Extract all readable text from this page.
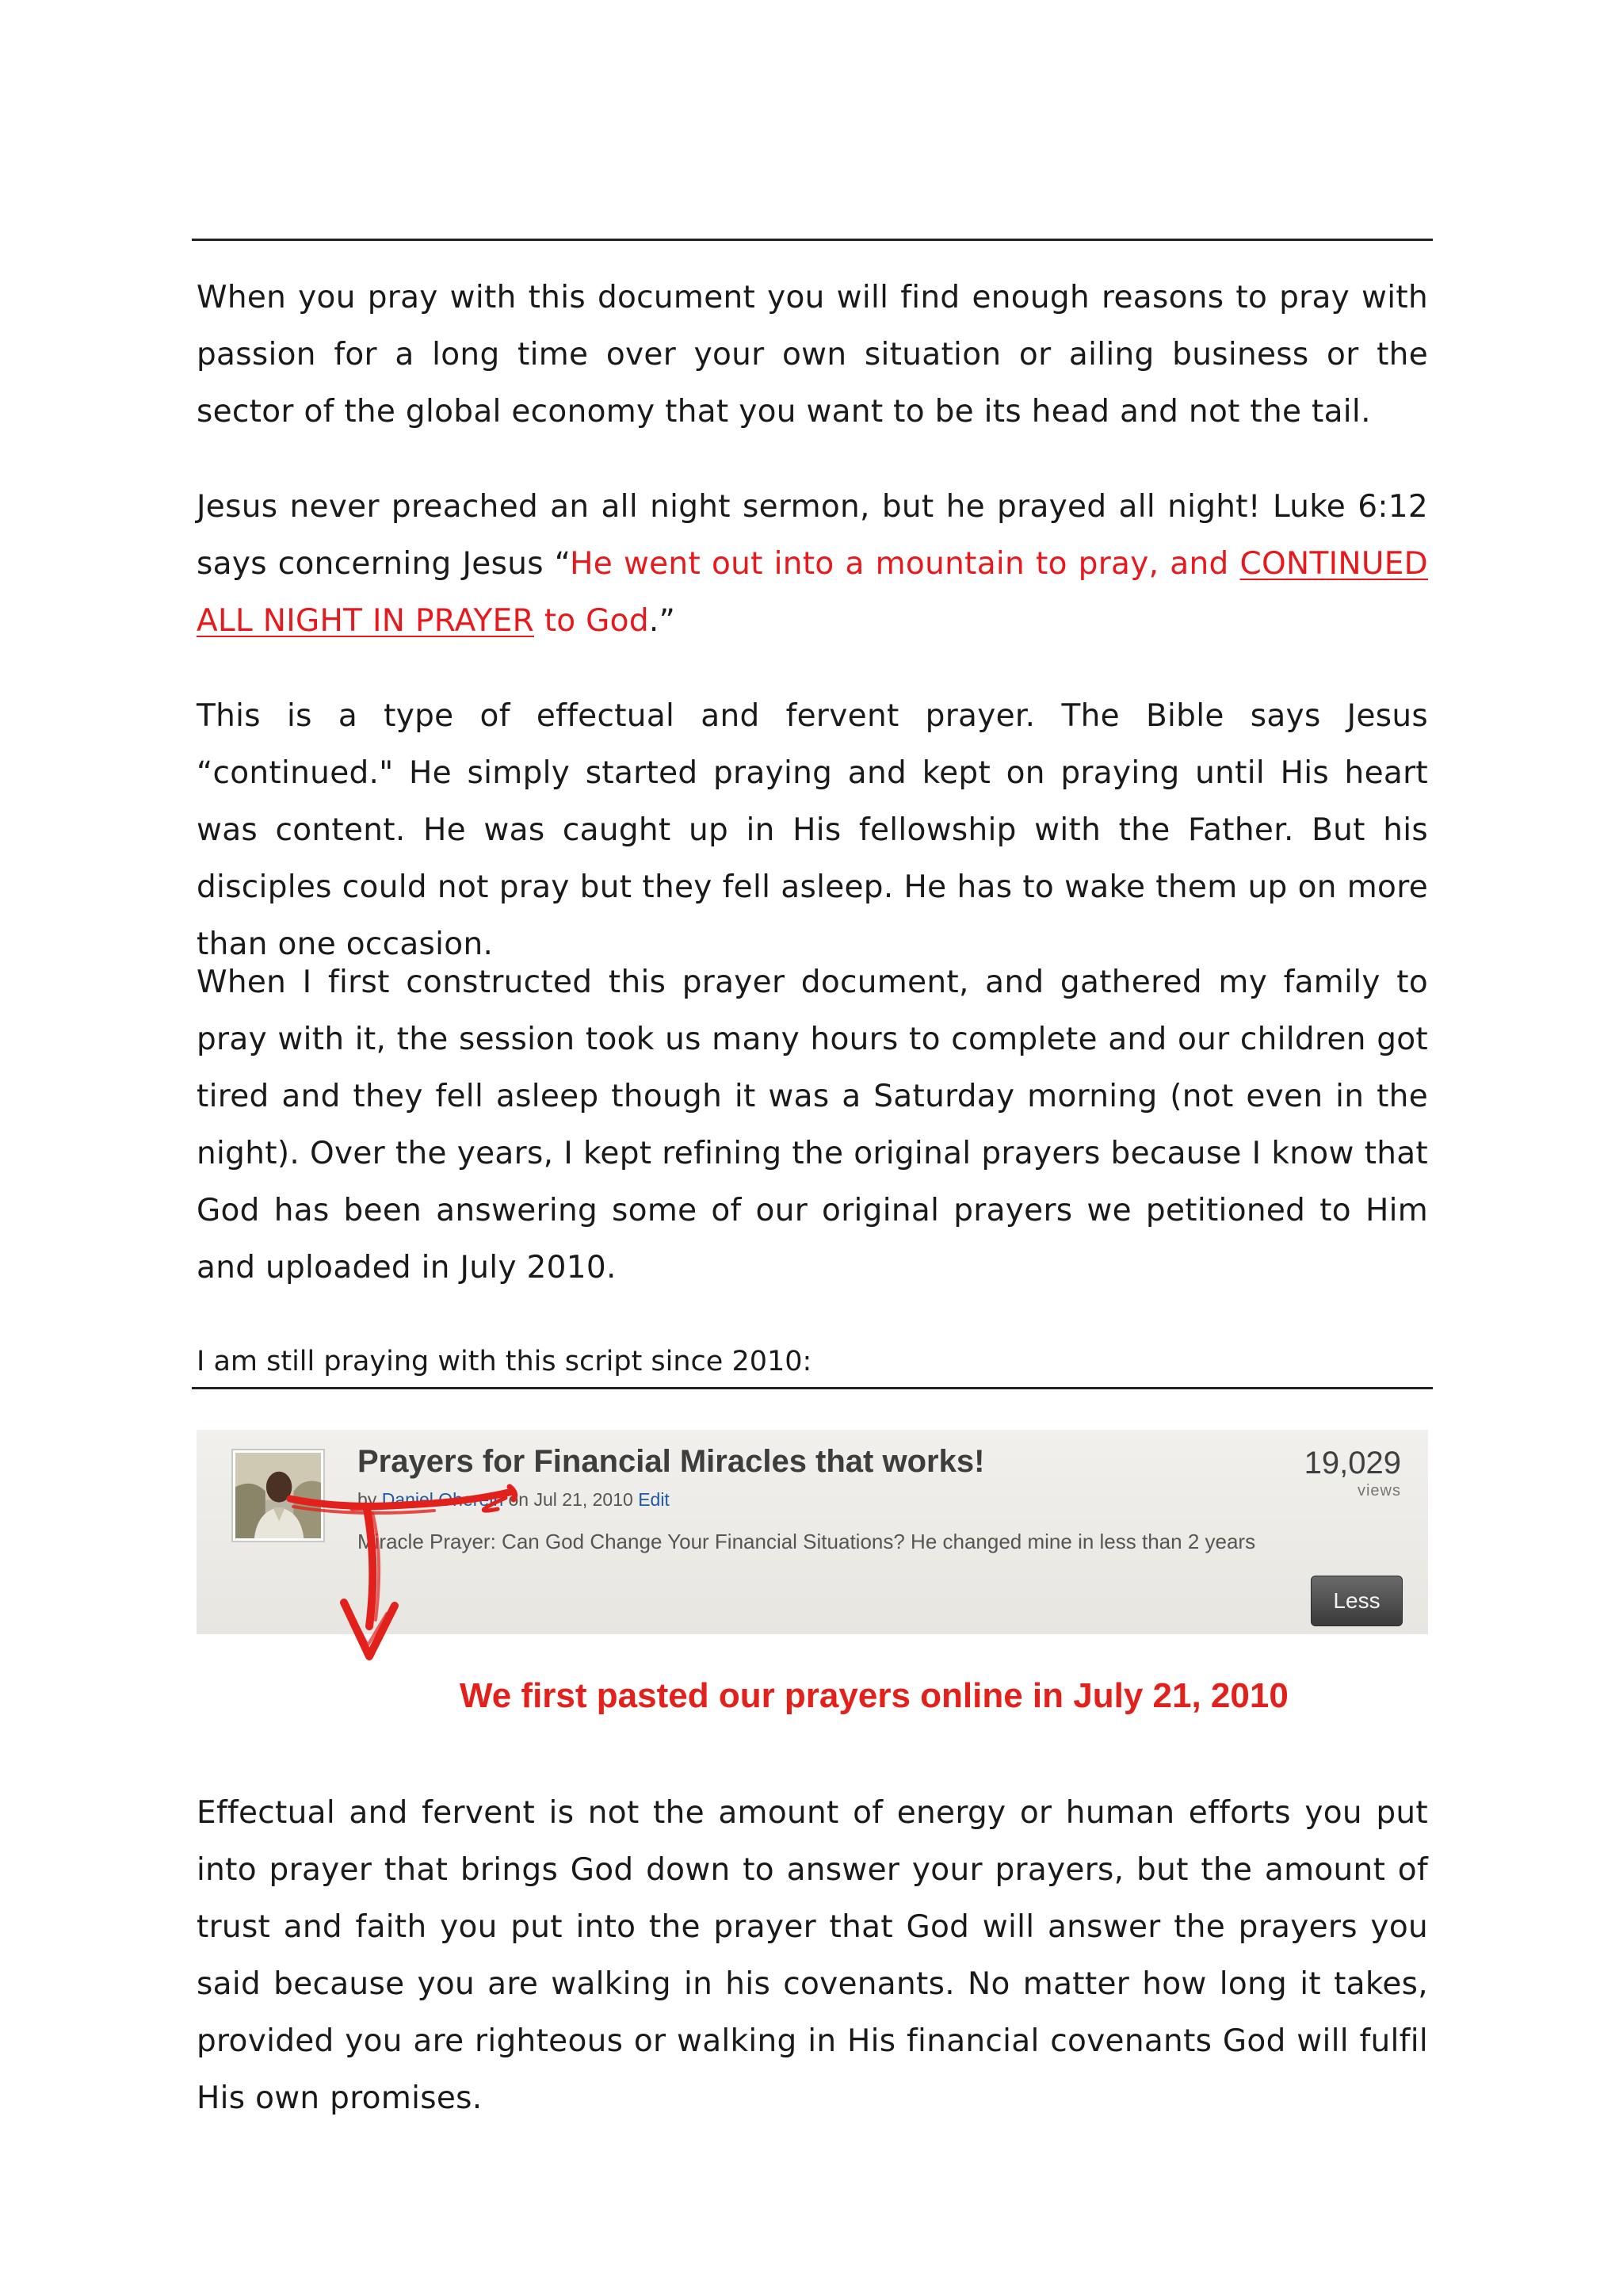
When you pray with this document you will find enough reasons to pray with passion for a long time over your own situation or ailing business or the sector of the global economy that you want to be its head and not the tail.

Jesus never preached an all night sermon, but he prayed all night! Luke 6:12 says concerning Jesus “He went out into a mountain to pray, and CONTINUED ALL NIGHT IN PRAYER to God.”

This is a type of effectual and fervent prayer. The Bible says Jesus “continued." He simply started praying and kept on praying until His heart was content. He was caught up in His fellowship with the Father. But his disciples could not pray but they fell asleep. He has to wake them up on more than one occasion.

When I first constructed this prayer document, and gathered my family to pray with it, the session took us many hours to complete and our children got tired and they fell asleep though it was a Saturday morning (not even in the night). Over the years, I kept refining the original prayers because I know that God has been answering some of our original prayers we petitioned to Him and uploaded in July 2010.

I am still praying with this script since 2010:

Prayers for Financial Miracles that works!

by Daniel Oherein on Jul 21, 2010 Edit
Miracle Prayer: Can God Change Your Financial Situations? He changed mine in less than 2 years
19,029
views
Less

We first pasted our prayers online in July 21, 2010

Effectual and fervent is not the amount of energy or human efforts you put into prayer that brings God down to answer your prayers, but the amount of trust and faith you put into the prayer that God will answer the prayers you said because you are walking in his covenants. No matter how long it takes, provided you are righteous or walking in His financial covenants God will fulfil His own promises.
